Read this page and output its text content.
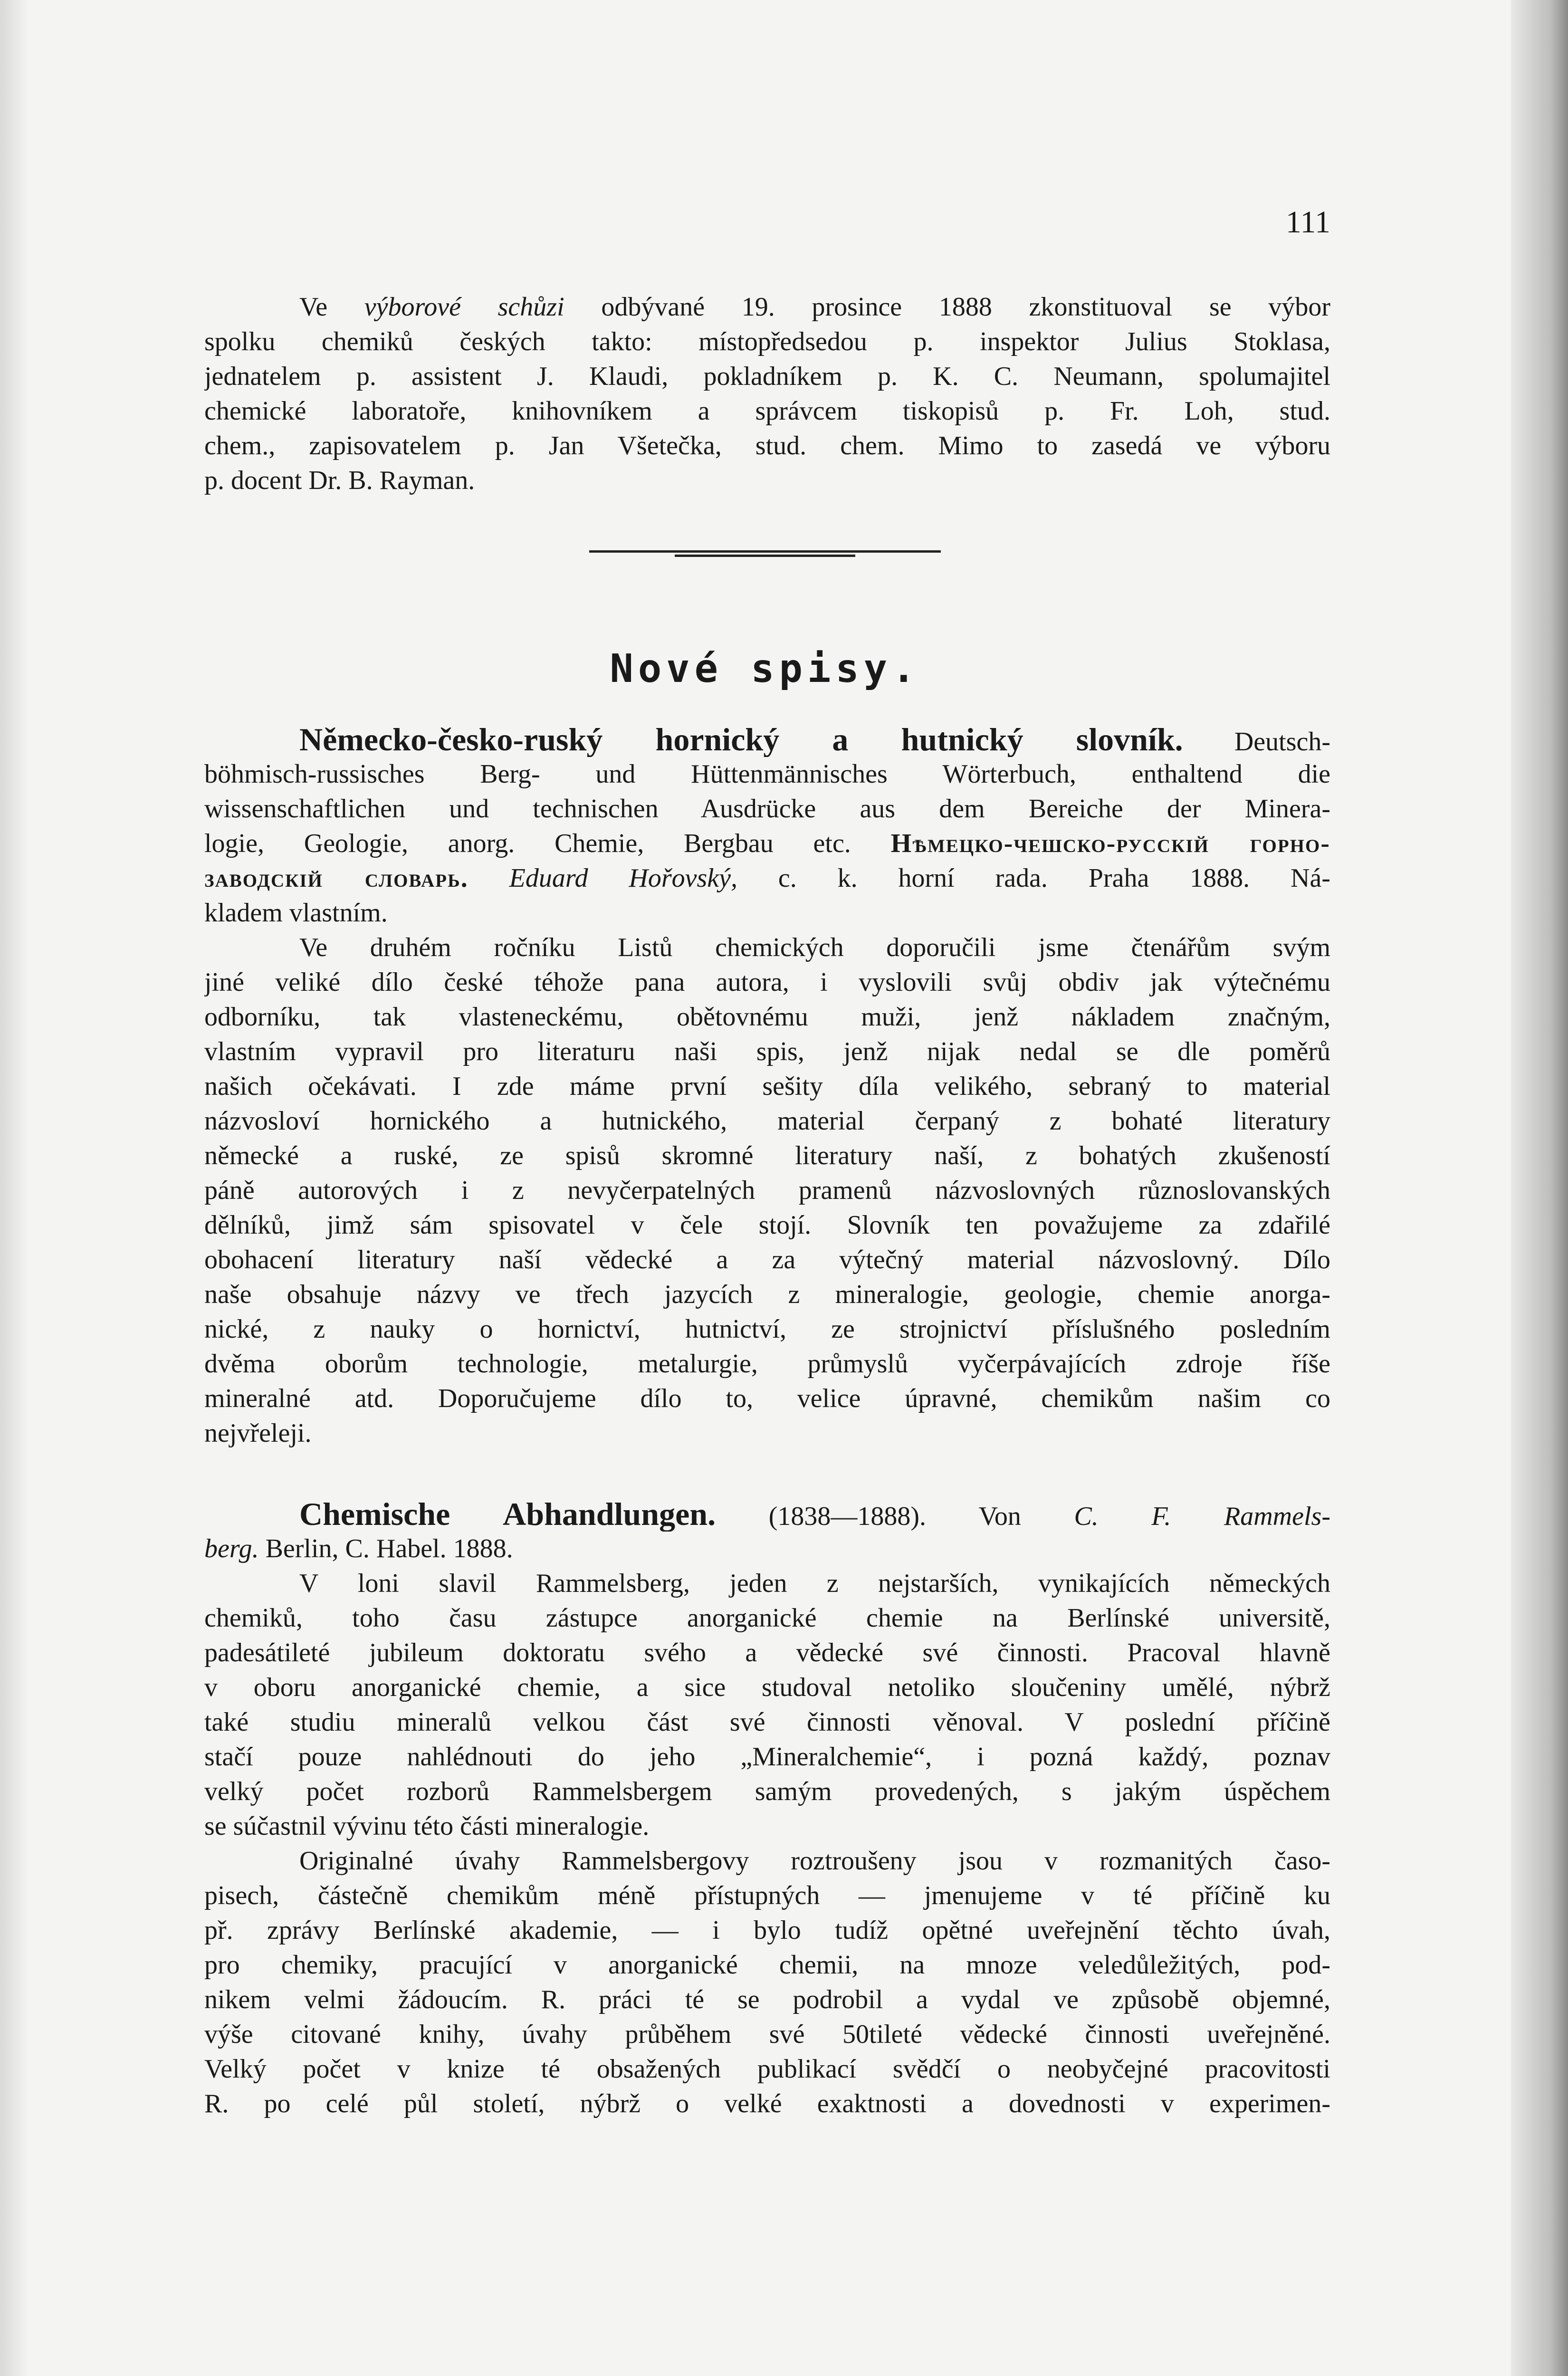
111
Ve výborové schůzi odbývané 19. prosince 1888 zkonstituoval se výbor
spolku chemiků českých takto: místopředsedou p. inspektor Julius Stoklasa,
jednatelem p. assistent J. Klaudi, pokladníkem p. K. C. Neumann, spolumajitel
chemické laboratoře, knihovníkem a správcem tiskopisů p. Fr. Loh, stud.
chem., zapisovatelem p. Jan Všetečka, stud. chem. Mimo to zasedá ve výboru
p. docent Dr. B. Rayman.
Nové spisy.
Německo-česko-ruský hornický a hutnický slovník. Deutsch-
böhmisch-russisches Berg- und Hüttenmännisches Wörterbuch, enthaltend die
wissenschaftlichen und technischen Ausdrücke aus dem Bereiche der Minera-
logie, Geologie, anorg. Chemie, Bergbau etc. Нѣмецко-чешско-русскій горно-
заводскій словарь. Eduard Hořovský, c. k. horní rada. Praha 1888. Ná-
kladem vlastním.
Ve druhém ročníku Listů chemických doporučili jsme čtenářům svým
jiné veliké dílo české téhože pana autora, i vyslovili svůj obdiv jak výtečnému
odborníku, tak vlasteneckému, obětovnému muži, jenž nákladem značným,
vlastním vypravil pro literaturu naši spis, jenž nijak nedal se dle poměrů
našich očekávati. I zde máme první sešity díla velikého, sebraný to material
názvosloví hornického a hutnického, material čerpaný z bohaté literatury
německé a ruské, ze spisů skromné literatury naší, z bohatých zkušeností
páně autorových i z nevyčerpatelných pramenů názvoslovných různoslovanských
dělníků, jimž sám spisovatel v čele stojí. Slovník ten považujeme za zdařilé
obohacení literatury naší vědecké a za výtečný material názvoslovný. Dílo
naše obsahuje názvy ve třech jazycích z mineralogie, geologie, chemie anorga-
nické, z nauky o hornictví, hutnictví, ze strojnictví příslušného posledním
dvěma oborům technologie, metalurgie, průmyslů vyčerpávajících zdroje říše
mineralné atd. Doporučujeme dílo to, velice úpravné, chemikům našim co
nejvřeleji.
Chemische Abhandlungen. (1838—1888). Von C. F. Rammels-
berg. Berlin, C. Habel. 1888.
V loni slavil Rammelsberg, jeden z nejstarších, vynikajících německých
chemiků, toho času zástupce anorganické chemie na Berlínské universitě,
padesátileté jubileum doktoratu svého a vědecké své činnosti. Pracoval hlavně
v oboru anorganické chemie, a sice studoval netoliko sloučeniny umělé, nýbrž
také studiu mineralů velkou část své činnosti věnoval. V poslední příčině
stačí pouze nahlédnouti do jeho „Mineralchemie“, i pozná každý, poznav
velký počet rozborů Rammelsbergem samým provedených, s jakým úspěchem
se súčastnil vývinu této části mineralogie.
Originalné úvahy Rammelsbergovy roztroušeny jsou v rozmanitých časo-
pisech, částečně chemikům méně přístupných — jmenujeme v té příčině ku
př. zprávy Berlínské akademie, — i bylo tudíž opětné uveřejnění těchto úvah,
pro chemiky, pracující v anorganické chemii, na mnoze veledůležitých, pod-
nikem velmi žádoucím. R. práci té se podrobil a vydal ve způsobě objemné,
výše citované knihy, úvahy průběhem své 50tileté vědecké činnosti uveřejněné.
Velký počet v knize té obsažených publikací svědčí o neobyčejné pracovitosti
R. po celé půl století, nýbrž o velké exaktnosti a dovednosti v experimen-
